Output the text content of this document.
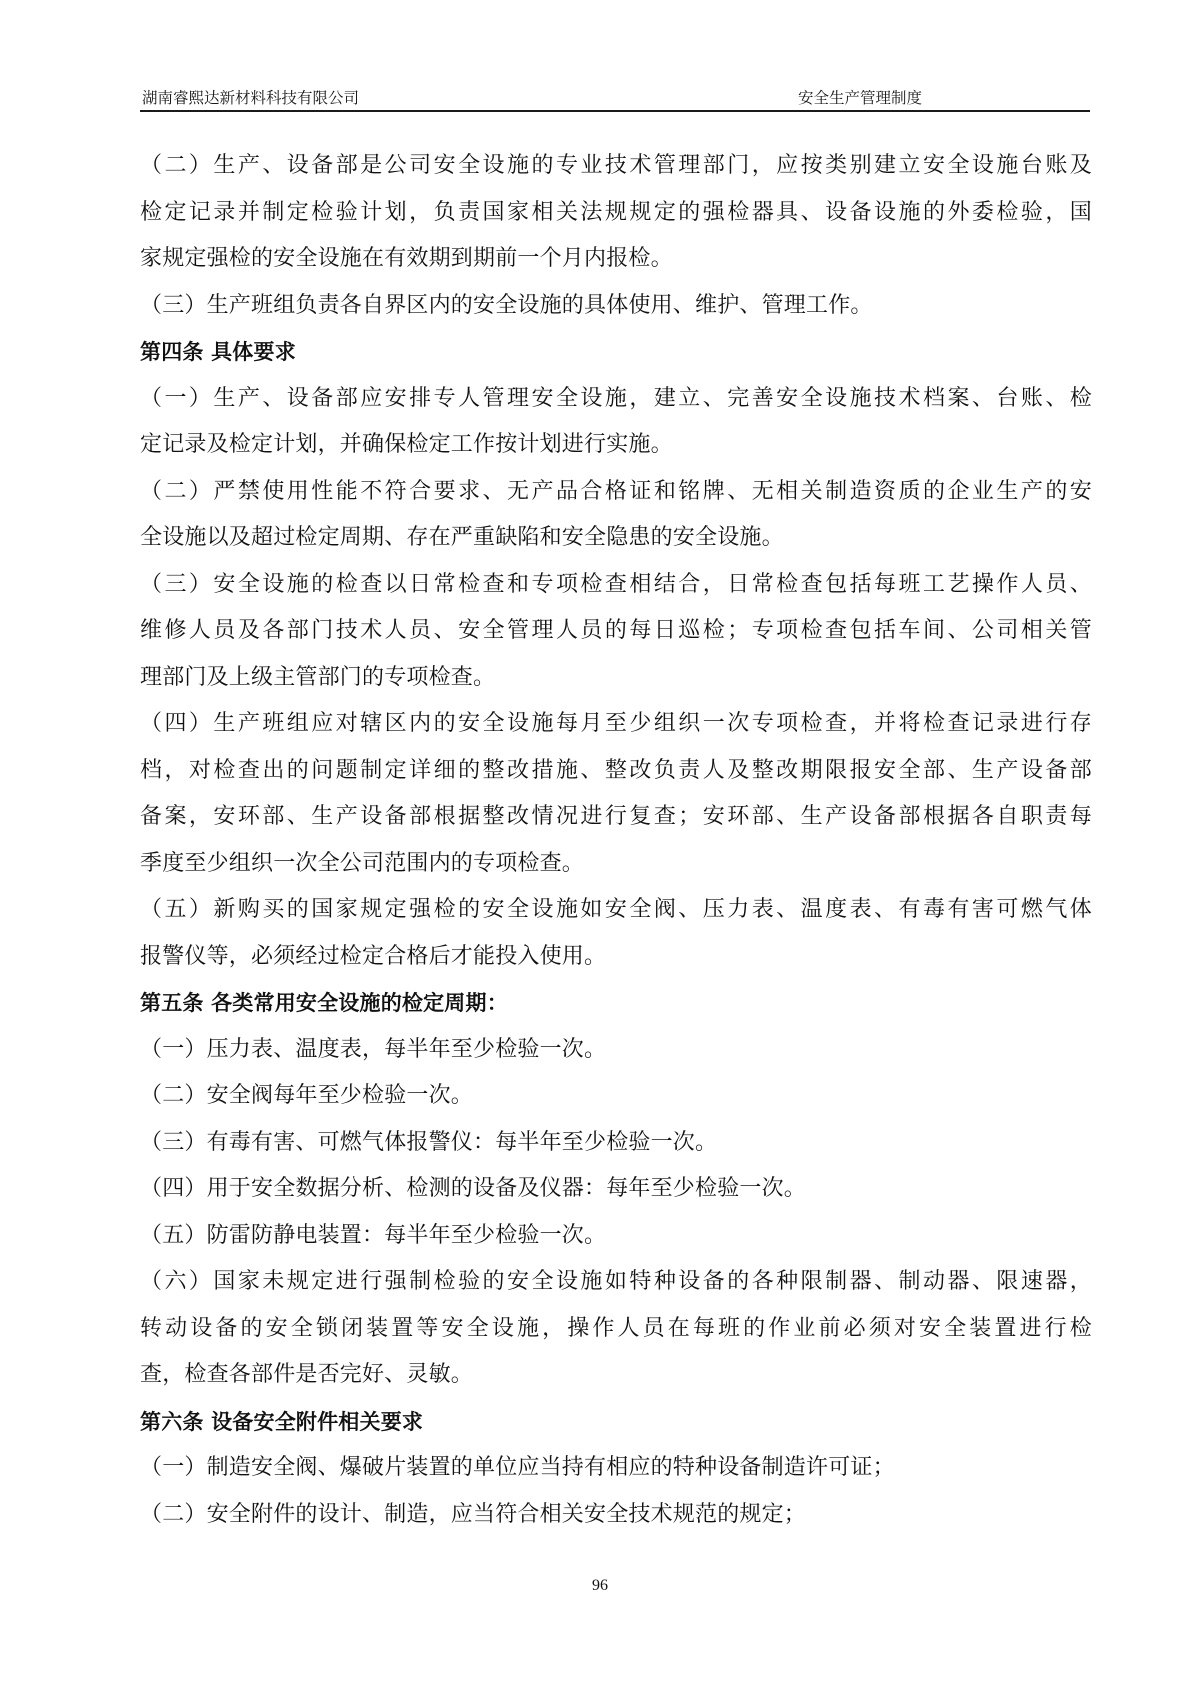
湖南睿熙达新材料科技有限公司	安全生产管理制度
（二）生产、设备部是公司安全设施的专业技术管理部门，应按类别建立安全设施台账及
检定记录并制定检验计划，负责国家相关法规规定的强检器具、设备设施的外委检验，国
家规定强检的安全设施在有效期到期前一个月内报检。
（三）生产班组负责各自界区内的安全设施的具体使用、维护、管理工作。
第四条 具体要求
（一）生产、设备部应安排专人管理安全设施，建立、完善安全设施技术档案、台账、检
定记录及检定计划，并确保检定工作按计划进行实施。
（二）严禁使用性能不符合要求、无产品合格证和铭牌、无相关制造资质的企业生产的安
全设施以及超过检定周期、存在严重缺陷和安全隐患的安全设施。
（三）安全设施的检查以日常检查和专项检查相结合，日常检查包括每班工艺操作人员、
维修人员及各部门技术人员、安全管理人员的每日巡检；专项检查包括车间、公司相关管
理部门及上级主管部门的专项检查。
（四）生产班组应对辖区内的安全设施每月至少组织一次专项检查，并将检查记录进行存
档，对检查出的问题制定详细的整改措施、整改负责人及整改期限报安全部、生产设备部
备案，安环部、生产设备部根据整改情况进行复查；安环部、生产设备部根据各自职责每
季度至少组织一次全公司范围内的专项检查。
（五）新购买的国家规定强检的安全设施如安全阀、压力表、温度表、有毒有害可燃气体
报警仪等，必须经过检定合格后才能投入使用。
第五条 各类常用安全设施的检定周期：
（一）压力表、温度表，每半年至少检验一次。
（二）安全阀每年至少检验一次。
（三）有毒有害、可燃气体报警仪：每半年至少检验一次。
（四）用于安全数据分析、检测的设备及仪器：每年至少检验一次。
（五）防雷防静电装置：每半年至少检验一次。
（六）国家未规定进行强制检验的安全设施如特种设备的各种限制器、制动器、限速器，
转动设备的安全锁闭装置等安全设施，操作人员在每班的作业前必须对安全装置进行检
查，检查各部件是否完好、灵敏。
第六条 设备安全附件相关要求
（一）制造安全阀、爆破片装置的单位应当持有相应的特种设备制造许可证；
（二）安全附件的设计、制造，应当符合相关安全技术规范的规定；
96
